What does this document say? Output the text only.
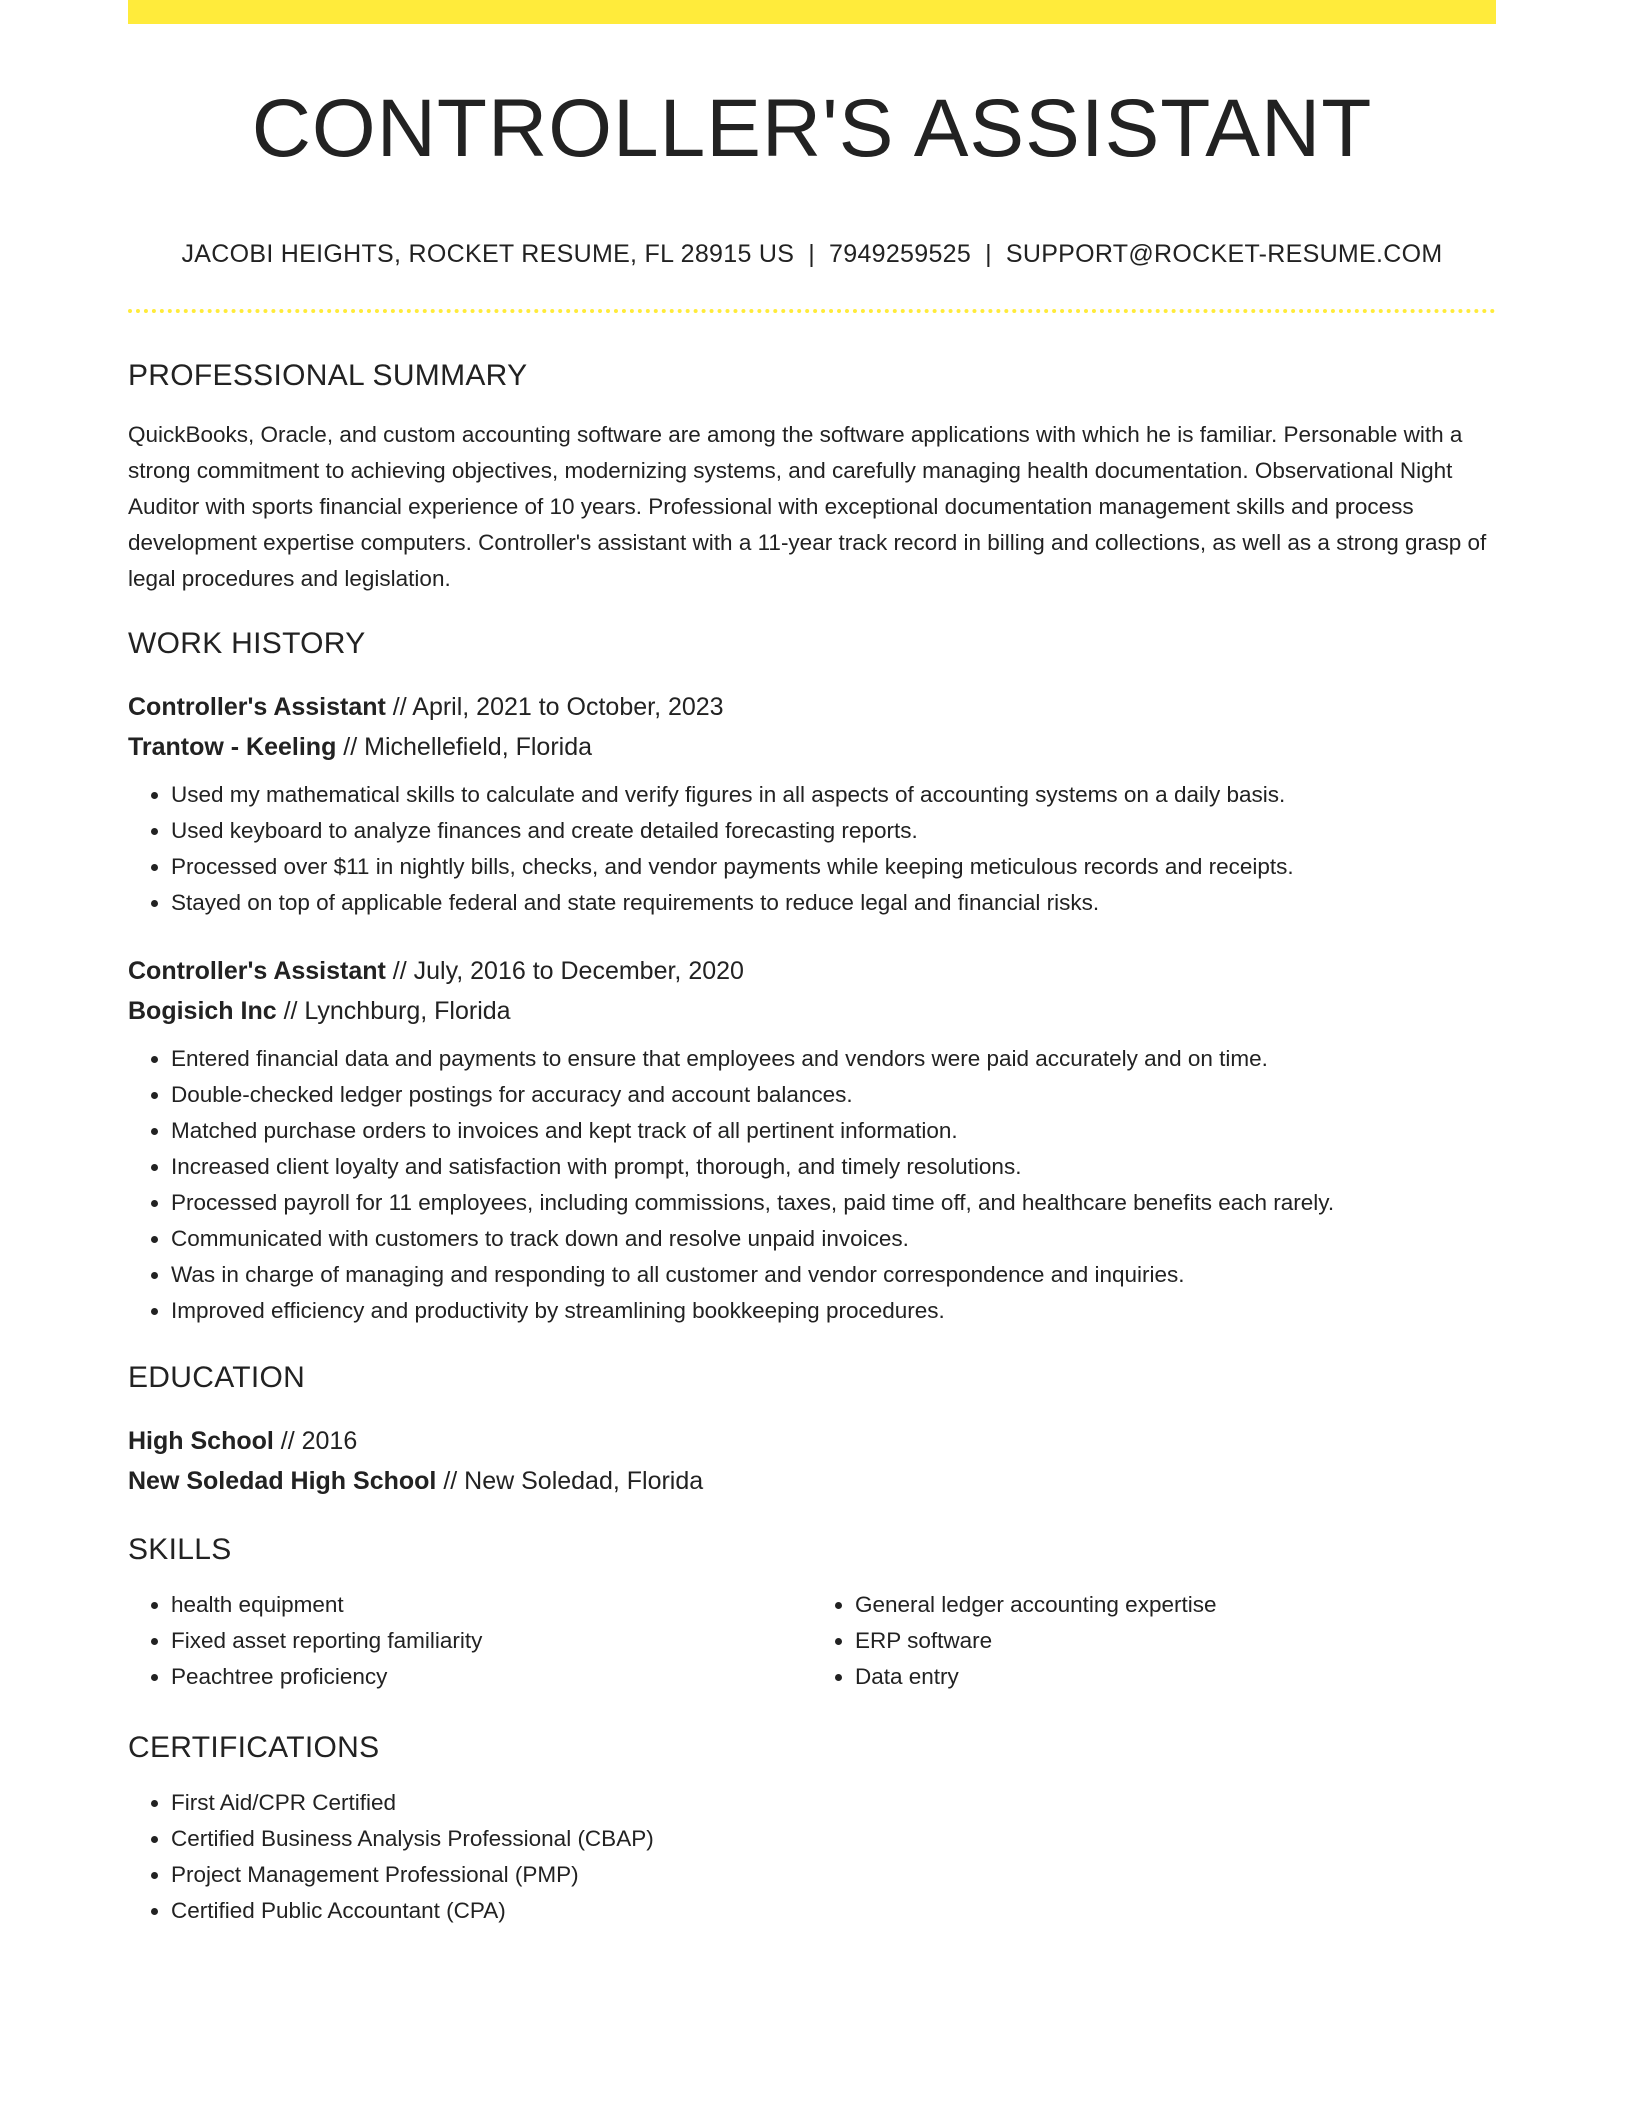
CONTROLLER'S ASSISTANT
JACOBI HEIGHTS, ROCKET RESUME, FL 28915 US | 7949259525 | SUPPORT@ROCKET-RESUME.COM
PROFESSIONAL SUMMARY
QuickBooks, Oracle, and custom accounting software are among the software applications with which he is familiar. Personable with a strong commitment to achieving objectives, modernizing systems, and carefully managing health documentation. Observational Night Auditor with sports financial experience of 10 years. Professional with exceptional documentation management skills and process development expertise computers. Controller's assistant with a 11-year track record in billing and collections, as well as a strong grasp of legal procedures and legislation.
WORK HISTORY
Controller's Assistant // April, 2021 to October, 2023
Trantow - Keeling // Michellefield, Florida
• Used my mathematical skills to calculate and verify figures in all aspects of accounting systems on a daily basis.
• Used keyboard to analyze finances and create detailed forecasting reports.
• Processed over $11 in nightly bills, checks, and vendor payments while keeping meticulous records and receipts.
• Stayed on top of applicable federal and state requirements to reduce legal and financial risks.
Controller's Assistant // July, 2016 to December, 2020
Bogisich Inc // Lynchburg, Florida
• Entered financial data and payments to ensure that employees and vendors were paid accurately and on time.
• Double-checked ledger postings for accuracy and account balances.
• Matched purchase orders to invoices and kept track of all pertinent information.
• Increased client loyalty and satisfaction with prompt, thorough, and timely resolutions.
• Processed payroll for 11 employees, including commissions, taxes, paid time off, and healthcare benefits each rarely.
• Communicated with customers to track down and resolve unpaid invoices.
• Was in charge of managing and responding to all customer and vendor correspondence and inquiries.
• Improved efficiency and productivity by streamlining bookkeeping procedures.
EDUCATION
High School // 2016
New Soledad High School // New Soledad, Florida
SKILLS
• health equipment
• Fixed asset reporting familiarity
• Peachtree proficiency
• General ledger accounting expertise
• ERP software
• Data entry
CERTIFICATIONS
• First Aid/CPR Certified
• Certified Business Analysis Professional (CBAP)
• Project Management Professional (PMP)
• Certified Public Accountant (CPA)
